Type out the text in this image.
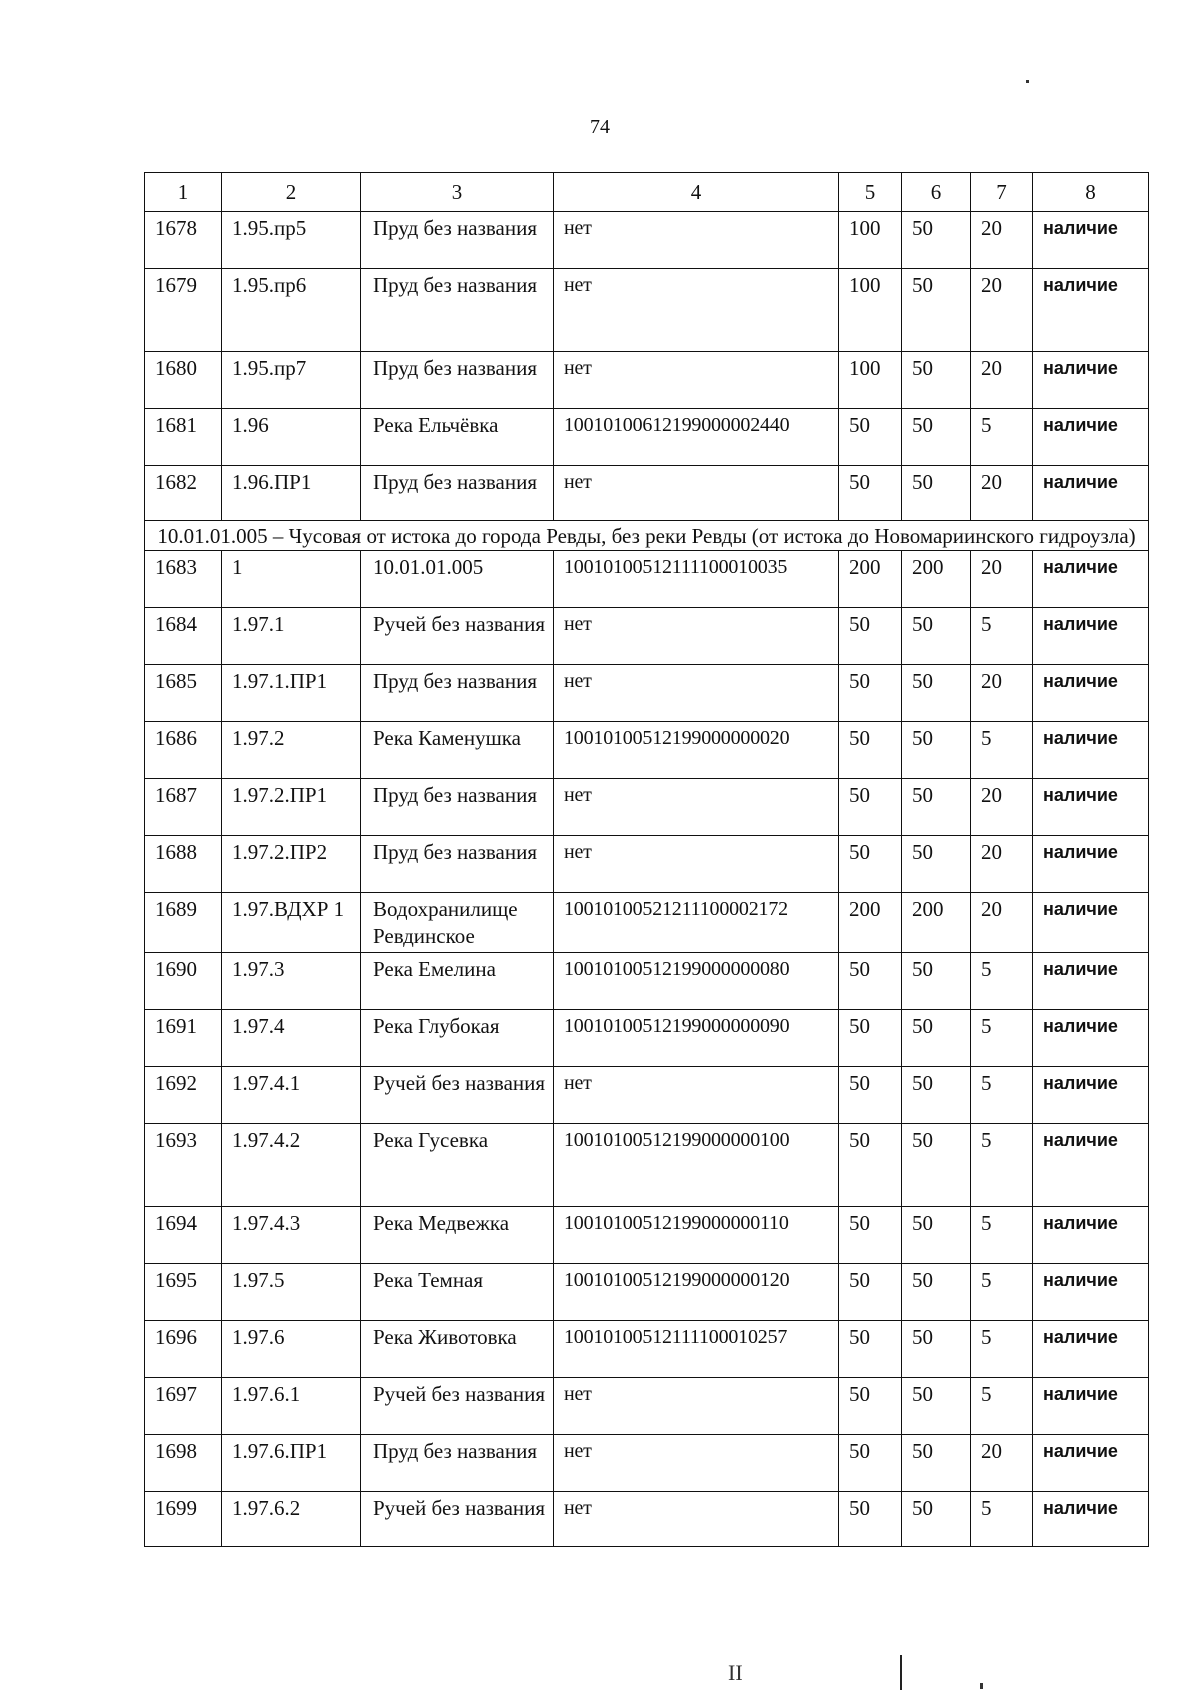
74
1	2	3	4	5	6	7	8
1678	1.95.пр5	Пруд без названия	нет	100	50	20	наличие
1679	1.95.пр6	Пруд без названия	нет	100	50	20	наличие
1680	1.95.пр7	Пруд без названия	нет	100	50	20	наличие
1681	1.96	Река Ельчёвка	10010100612199000002440	50	50	5	наличие
1682	1.96.ПР1	Пруд без названия	нет	50	50	20	наличие
10.01.01.005 – Чусовая от истока до города Ревды, без реки Ревды (от истока до Новомариинского гидроузла)							
1683	1	10.01.01.005	10010100512111100010035	200	200	20	наличие
1684	1.97.1	Ручей без названия	нет	50	50	5	наличие
1685	1.97.1.ПР1	Пруд без названия	нет	50	50	20	наличие
1686	1.97.2	Река Каменушка	10010100512199000000020	50	50	5	наличие
1687	1.97.2.ПР1	Пруд без названия	нет	50	50	20	наличие
1688	1.97.2.ПР2	Пруд без названия	нет	50	50	20	наличие
1689	1.97.ВДХР 1	Водохранилище Ревдинское	10010100521211100002172	200	200	20	наличие
1690	1.97.3	Река Емелина	10010100512199000000080	50	50	5	наличие
1691	1.97.4	Река Глубокая	10010100512199000000090	50	50	5	наличие
1692	1.97.4.1	Ручей без названия	нет	50	50	5	наличие
1693	1.97.4.2	Река Гусевка	10010100512199000000100	50	50	5	наличие
1694	1.97.4.3	Река Медвежка	10010100512199000000110	50	50	5	наличие
1695	1.97.5	Река Темная	10010100512199000000120	50	50	5	наличие
1696	1.97.6	Река Животовка	10010100512111100010257	50	50	5	наличие
1697	1.97.6.1	Ручей без названия	нет	50	50	5	наличие
1698	1.97.6.ПР1	Пруд без названия	нет	50	50	20	наличие
1699	1.97.6.2	Ручей без названия	нет	50	50	5	наличие
II
